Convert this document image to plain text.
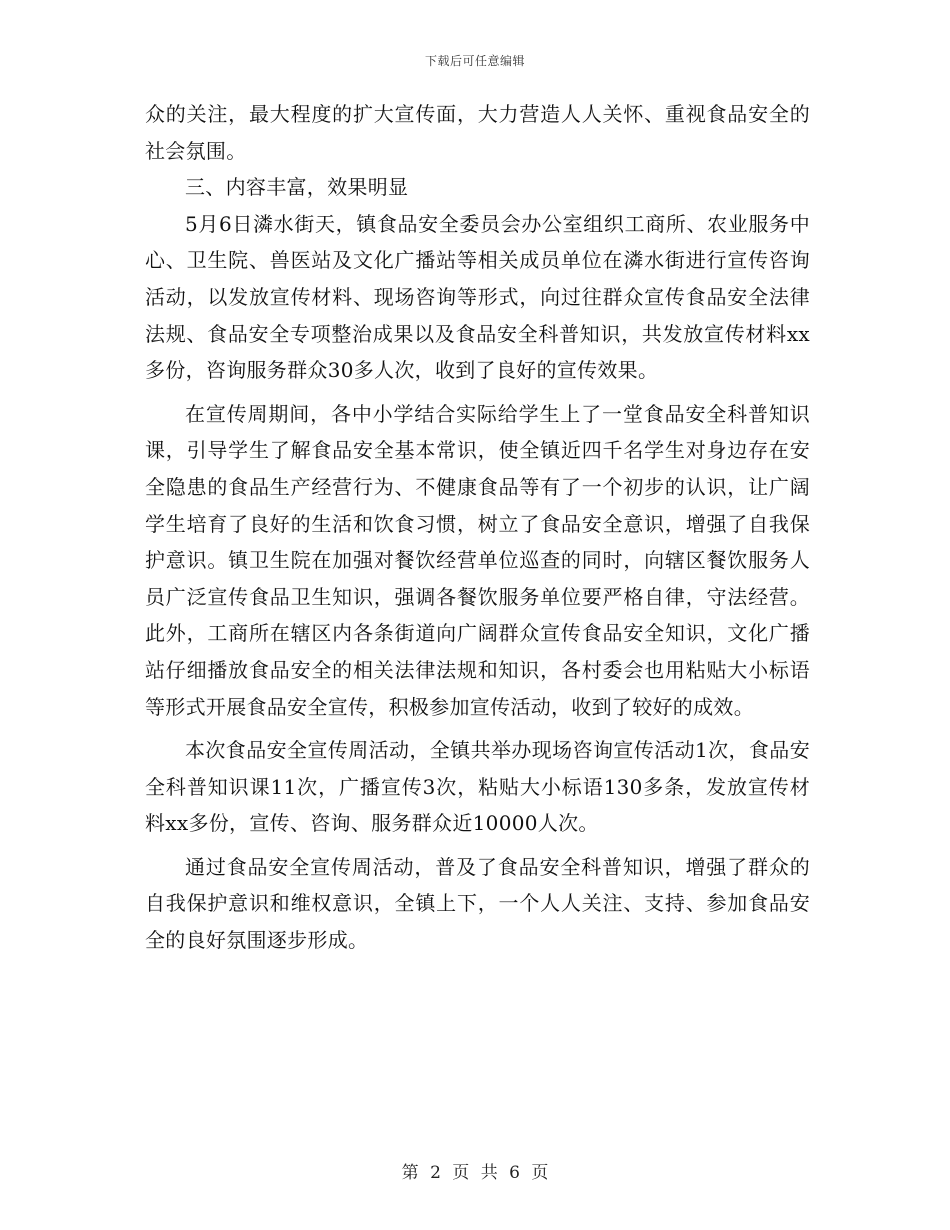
下载后可任意编辑

众的关注，最大程度的扩大宣传面，大力营造人人关怀、重视食品安全的社会氛围。

三、内容丰富，效果明显

5月6日潾水街天，镇食品安全委员会办公室组织工商所、农业服务中心、卫生院、兽医站及文化广播站等相关成员单位在潾水街进行宣传咨询活动，以发放宣传材料、现场咨询等形式，向过往群众宣传食品安全法律法规、食品安全专项整治成果以及食品安全科普知识，共发放宣传材料xx多份，咨询服务群众30多人次，收到了良好的宣传效果。

在宣传周期间，各中小学结合实际给学生上了一堂食品安全科普知识课，引导学生了解食品安全基本常识，使全镇近四千名学生对身边存在安全隐患的食品生产经营行为、不健康食品等有了一个初步的认识，让广阔学生培育了良好的生活和饮食习惯，树立了食品安全意识，增强了自我保护意识。镇卫生院在加强对餐饮经营单位巡查的同时，向辖区餐饮服务人员广泛宣传食品卫生知识，强调各餐饮服务单位要严格自律，守法经营。此外，工商所在辖区内各条街道向广阔群众宣传食品安全知识，文化广播站仔细播放食品安全的相关法律法规和知识，各村委会也用粘贴大小标语等形式开展食品安全宣传，积极参加宣传活动，收到了较好的成效。

本次食品安全宣传周活动，全镇共举办现场咨询宣传活动1次，食品安全科普知识课11次，广播宣传3次，粘贴大小标语130多条，发放宣传材料xx多份，宣传、咨询、服务群众近10000人次。

通过食品安全宣传周活动，普及了食品安全科普知识，增强了群众的自我保护意识和维权意识，全镇上下，一个人人关注、支持、参加食品安全的良好氛围逐步形成。

第 2 页 共 6 页
